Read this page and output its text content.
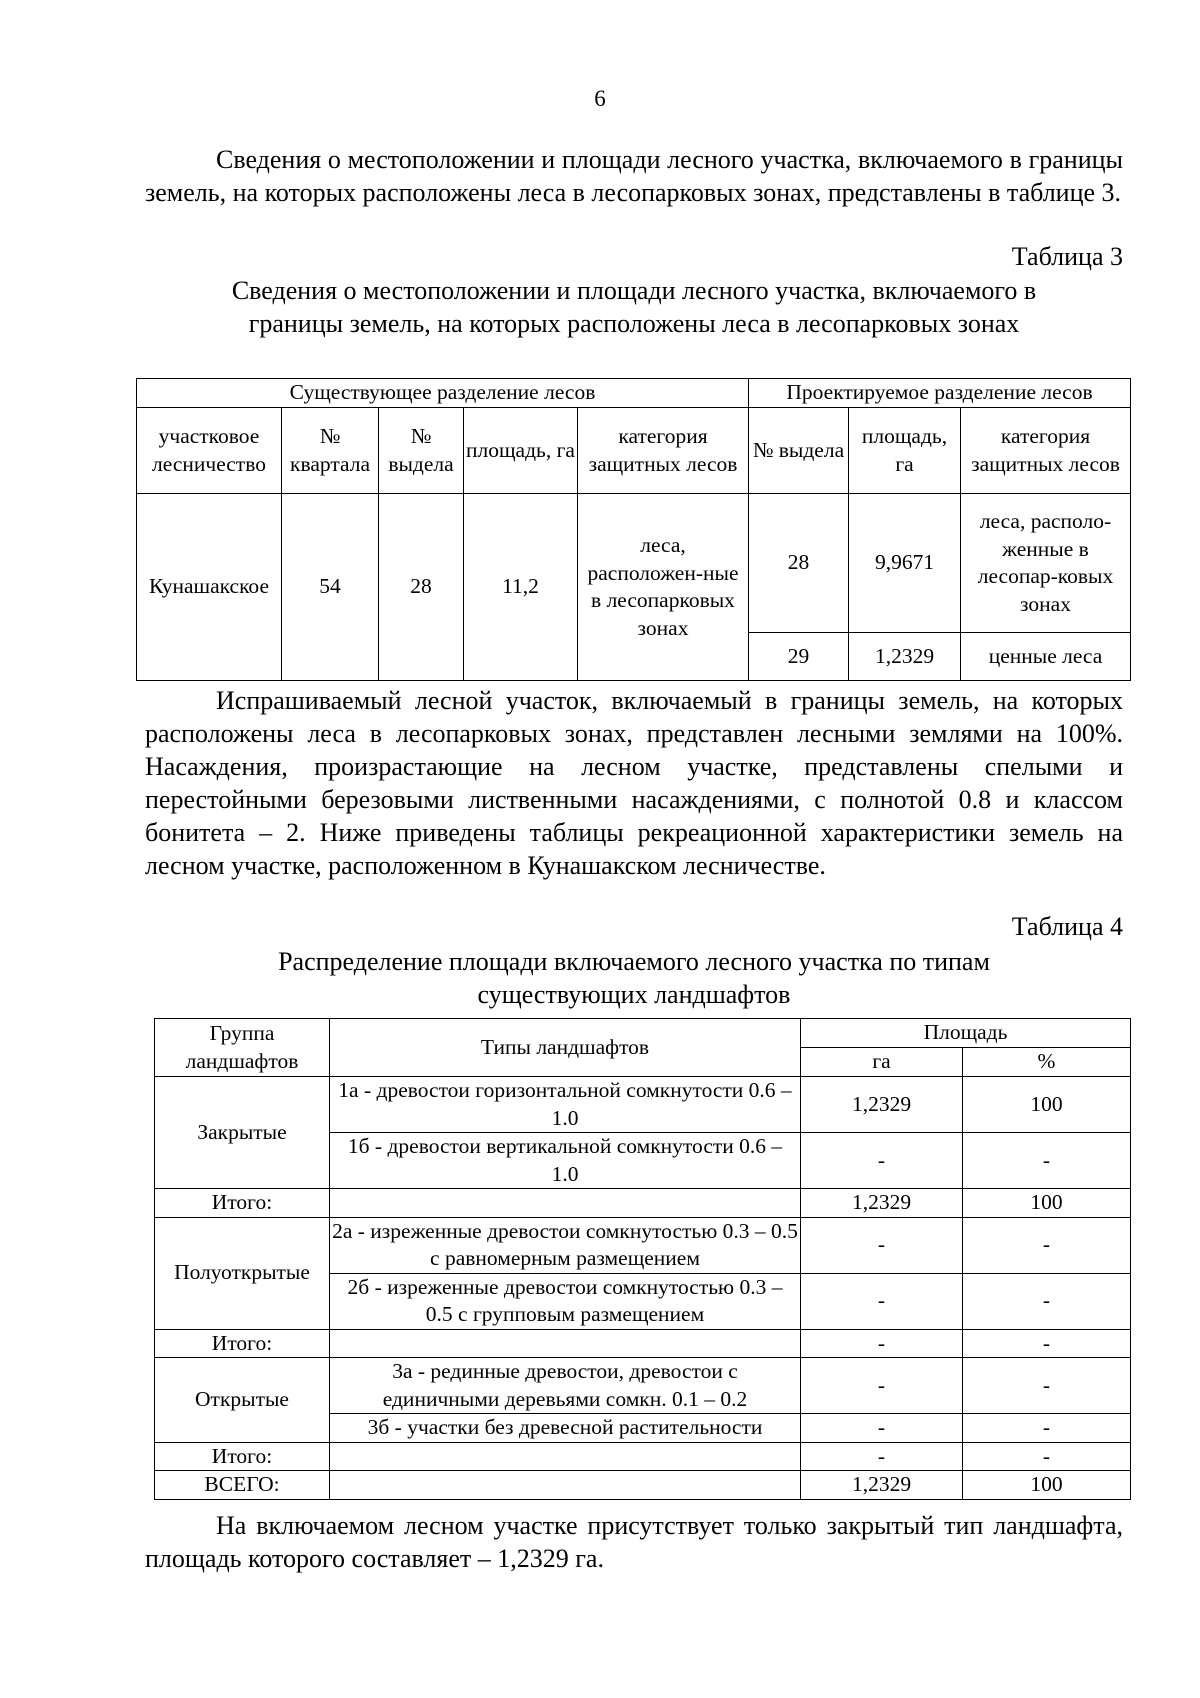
6

Сведения о местоположении и площади лесного участка, включаемого в границы земель, на которых расположены леса в лесопарковых зонах, представлены в таблице 3.

Таблица 3

Сведения о местоположении и площади лесного участка, включаемого в
границы земель, на которых расположены леса в лесопарковых зонах

Существующее разделение лесов					Проектируемое разделение лесов		
участковое лесничество	№ квартала	№ выдела	площадь, га	категория защитных лесов	№ выдела	площадь, га	категория защитных лесов
Кунашакское	54	28	11,2	леса, расположен-ные в лесопарковых зонах	28	9,9671	леса, располо-женные в лесопар-ковых зонах
					29	1,2329	ценные леса

Испрашиваемый лесной участок, включаемый в границы земель, на которых расположены леса в лесопарковых зонах, представлен лесными землями на 100%. Насаждения, произрастающие на лесном участке, представлены спелыми и перестойными березовыми лиственными насаждениями, с полнотой 0.8 и классом бонитета – 2. Ниже приведены таблицы рекреационной характеристики земель на лесном участке, расположенном в Кунашакском лесничестве.

Таблица 4

Распределение площади включаемого лесного участка по типам
существующих ландшафтов

Группа ландшафтов	Типы ландшафтов	Площадь	
		га	%
Закрытые	1а - древостои горизонтальной сомкнутости 0.6 – 1.0	1,2329	100
	1б - древостои вертикальной сомкнутости 0.6 – 1.0	-	-
Итого:		1,2329	100
Полуоткрытые	2а - изреженные древостои сомкнутостью 0.3 – 0.5 с равномерным размещением	-	-
	2б - изреженные древостои сомкнутостью 0.3 – 0.5 с групповым размещением	-	-
Итого:		-	-
Открытые	3а - рединные древостои, древостои с единичными деревьями сомкн. 0.1 – 0.2	-	-
	3б - участки без древесной растительности	-	-
Итого:		-	-
ВСЕГО:		1,2329	100

На включаемом лесном участке присутствует только закрытый тип ландшафта, площадь которого составляет – 1,2329 га.
